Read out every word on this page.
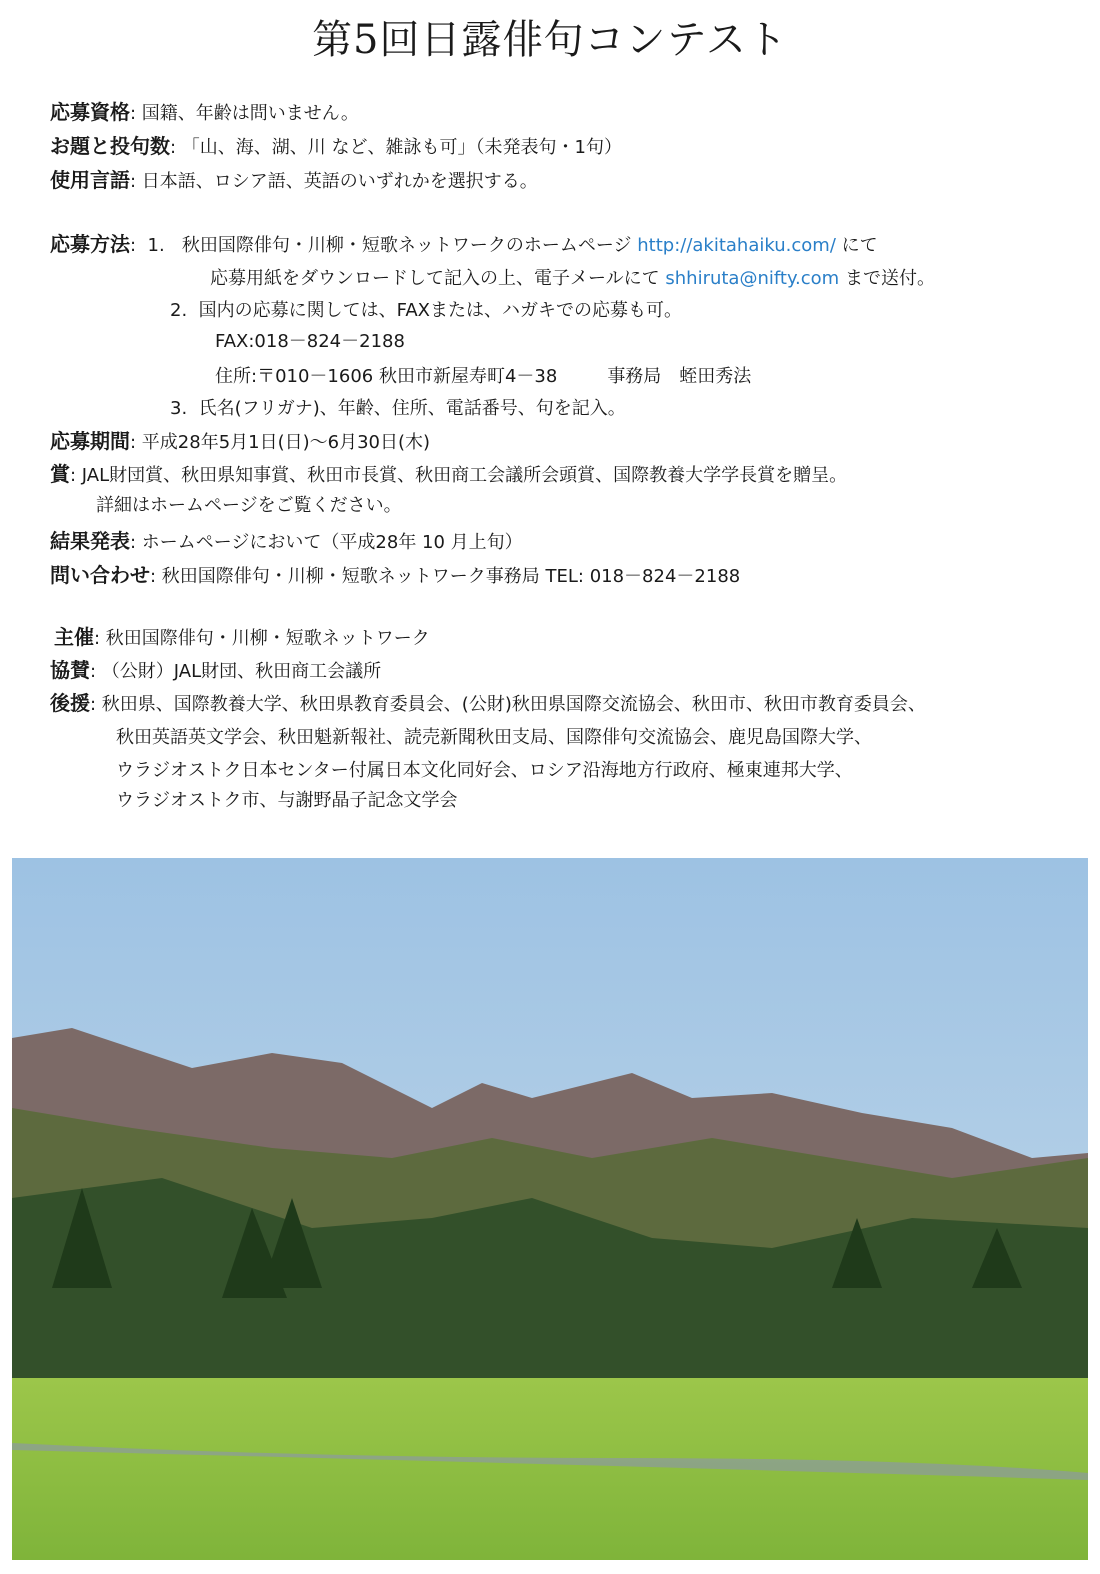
第5回日露俳句コンテスト
応募資格: 国籍、年齢は問いません。
お題と投句数: 「山、海、湖、川 など、雑詠も可」（未発表句・1句）
使用言語: 日本語、ロシア語、英語のいずれかを選択する。
応募方法:  1. 秋田国際俳句・川柳・短歌ネットワークのホームページ http://akitahaiku.com/ にて
応募用紙をダウンロードして記入の上、電子メールにて shhiruta@nifty.com まで送付。
2. 国内の応募に関しては、FAXまたは、ハガキでの応募も可。
FAX:018－824－2188
住所:〒010－1606 秋田市新屋寿町4－38	事務局　蛭田秀法
3. 氏名(フリガナ)、年齢、住所、電話番号、句を記入。
応募期間: 平成28年5月1日(日)～6月30日(木)
賞: JAL財団賞、秋田県知事賞、秋田市長賞、秋田商工会議所会頭賞、国際教養大学学長賞を贈呈。
詳細はホームページをご覧ください。
結果発表: ホームページにおいて（平成28年 10 月上旬）
問い合わせ: 秋田国際俳句・川柳・短歌ネットワーク事務局 TEL: 018－824－2188
主催: 秋田国際俳句・川柳・短歌ネットワーク
協賛: （公財）JAL財団、秋田商工会議所
後援: 秋田県、国際教養大学、秋田県教育委員会、(公財)秋田県国際交流協会、秋田市、秋田市教育委員会、
秋田英語英文学会、秋田魁新報社、読売新聞秋田支局、国際俳句交流協会、鹿児島国際大学、
ウラジオストク日本センター付属日本文化同好会、ロシア沿海地方行政府、極東連邦大学、
ウラジオストク市、与謝野晶子記念文学会
